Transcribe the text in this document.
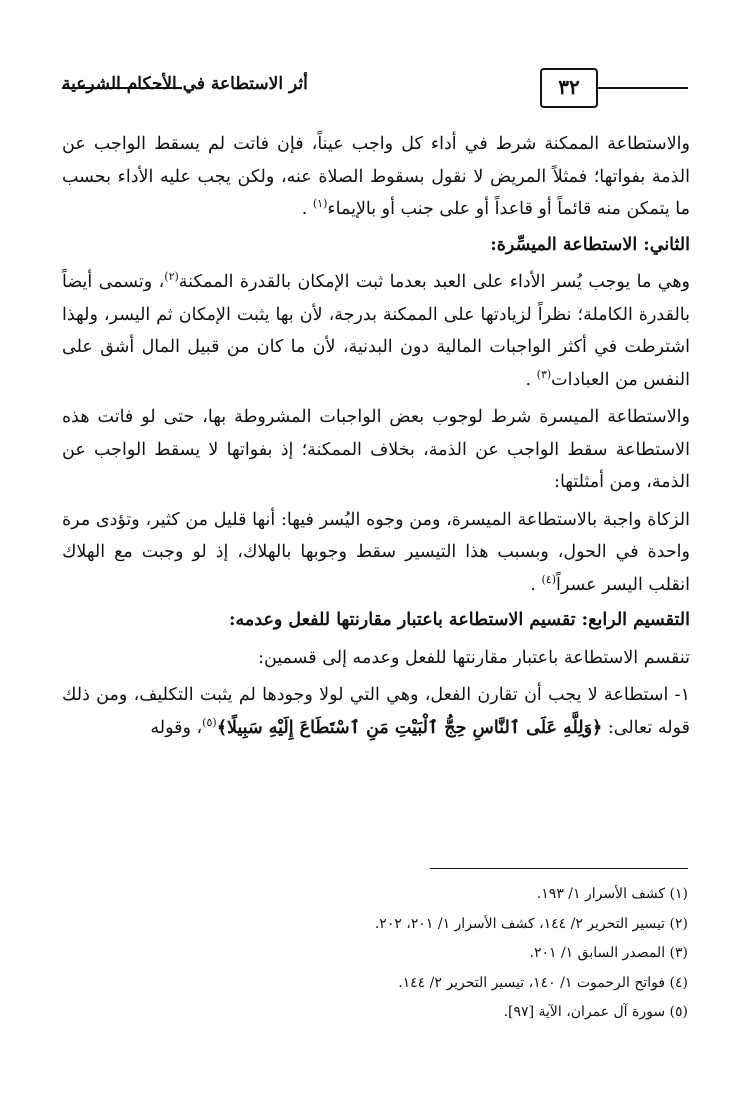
٣٢
أثر الاستطاعة في الأحكام الشرعية

والاستطاعة الممكنة شرط في أداء كل واجب عيناً، فإن فاتت لم يسقط الواجب عن الذمة بفواتها؛ فمثلاً المريض لا نقول بسقوط الصلاة عنه، ولكن يجب عليه الأداء بحسب ما يتمكن منه قائماً أو قاعداً أو على جنب أو بالإيماء$^{(١)}$ .

الثاني: الاستطاعة الميسِّرة:

وهي ما يوجب يُسر الأداء على العبد بعدما ثبت الإمكان بالقدرة الممكنة$^{(٢)}$، وتسمى أيضاً بالقدرة الكاملة؛ نظراً لزيادتها على الممكنة بدرجة، لأن بها يثبت الإمكان ثم اليسر، ولهذا اشترطت في أكثر الواجبات المالية دون البدنية، لأن ما كان من قبيل المال أشق على النفس من العبادات$^{(٣)}$ .

والاستطاعة الميسرة شرط لوجوب بعض الواجبات المشروطة بها، حتى لو فاتت هذه الاستطاعة سقط الواجب عن الذمة، بخلاف الممكنة؛ إذ بفواتها لا يسقط الواجب عن الذمة، ومن أمثلتها:

الزكاة واجبة بالاستطاعة الميسرة، ومن وجوه اليُسر فيها: أنها قليل من كثير، وتؤدى مرة واحدة في الحول، وبسبب هذا التيسير سقط وجوبها بالهلاك، إذ لو وجبت مع الهلاك انقلب اليسر عسراً$^{(٤)}$ .

التقسيم الرابع: تقسيم الاستطاعة باعتبار مقارنتها للفعل وعدمه:

تنقسم الاستطاعة باعتبار مقارنتها للفعل وعدمه إلى قسمين:

١- استطاعة لا يجب أن تقارن الفعل، وهي التي لولا وجودها لم يثبت التكليف، ومن ذلك قوله تعالى: ﴿وَلِلَّهِ عَلَى ٱلنَّاسِ حِجُّ ٱلْبَيْتِ مَنِ ٱسْتَطَاعَ إِلَيْهِ سَبِيلًا﴾$^{(٥)}$، وقوله

(١) كشف الأسرار ١/ ١٩٣.

(٢) تيسير التحرير ٢/ ١٤٤، كشف الأسرار ١/ ٢٠١، ٢٠٢.

(٣) المصدر السابق ١/ ٢٠١.

(٤) فواتح الرحموت ١/ ١٤٠، تيسير التحرير ٢/ ١٤٤.

(٥) سورة آل عمران، الآية [٩٧].
